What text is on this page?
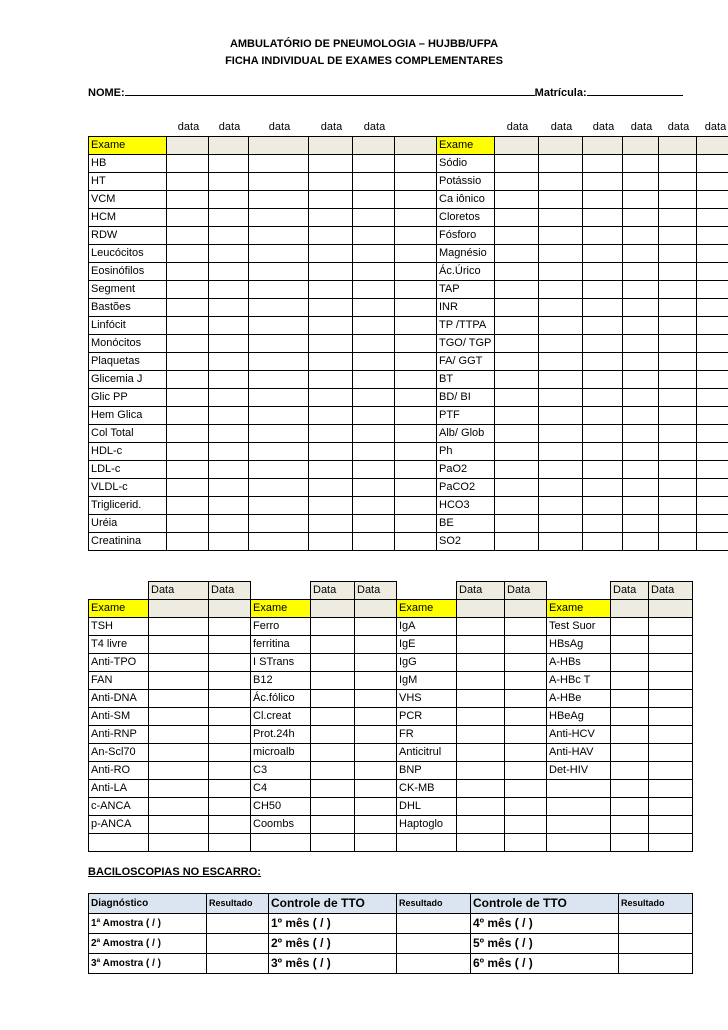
AMBULATÓRIO DE PNEUMOLOGIA – HUJBB/UFPA
FICHA INDIVIDUAL DE EXAMES COMPLEMENTARES
NOME:	Matrícula:
	data	data	data	data	data			data	data	data	data	data	data
Exame							Exame						
HB							Sódio						
HT							Potássio						
VCM							Ca iônico						
HCM							Cloretos						
RDW							Fósforo						
Leucócitos							Magnésio						
Eosinófilos							Ác.Úrico						
Segment							TAP						
Bastões							INR						
Linfócit							TP /TTPA						
Monócitos							TGO/ TGP						
Plaquetas							FA/ GGT						
Glicemia J							BT						
Glic PP							BD/ BI						
Hem Glica							PTF						
Col Total							Alb/ Glob						
HDL-c							Ph						
LDL-c							PaO2						
VLDL-c							PaCO2						
Triglicerid.							HCO3						
Uréia							BE						
Creatinina							SO2						
	Data	Data		Data	Data		Data	Data		Data	Data
Exame			Exame			Exame			Exame		
TSH			Ferro			IgA			Test Suor		
T4 livre			ferritina			IgE			HBsAg		
Anti-TPO			I STrans			IgG			A-HBs		
FAN			B12			IgM			A-HBc T		
Anti-DNA			Ác.fólico			VHS			A-HBe		
Anti-SM			Cl.creat			PCR			HBeAg		
Anti-RNP			Prot.24h			FR			Anti-HCV		
An-Scl70			microalb			Anticitrul			Anti-HAV		
Anti-RO			C3			BNP			Det-HIV		
Anti-LA			C4			CK-MB					
c-ANCA			CH50			DHL					
p-ANCA			Coombs			Haptoglo					

BACILOSCOPIAS NO ESCARRO:
Diagnóstico	Resultado	Controle de TTO	Resultado	Controle de TTO	Resultado
1ª Amostra ( / )		1º mês ( / )		4º mês ( / )	
2ª Amostra ( / )		2º mês ( / )		5º mês ( / )	
3ª Amostra ( / )		3º mês ( / )		6º mês ( / )	
